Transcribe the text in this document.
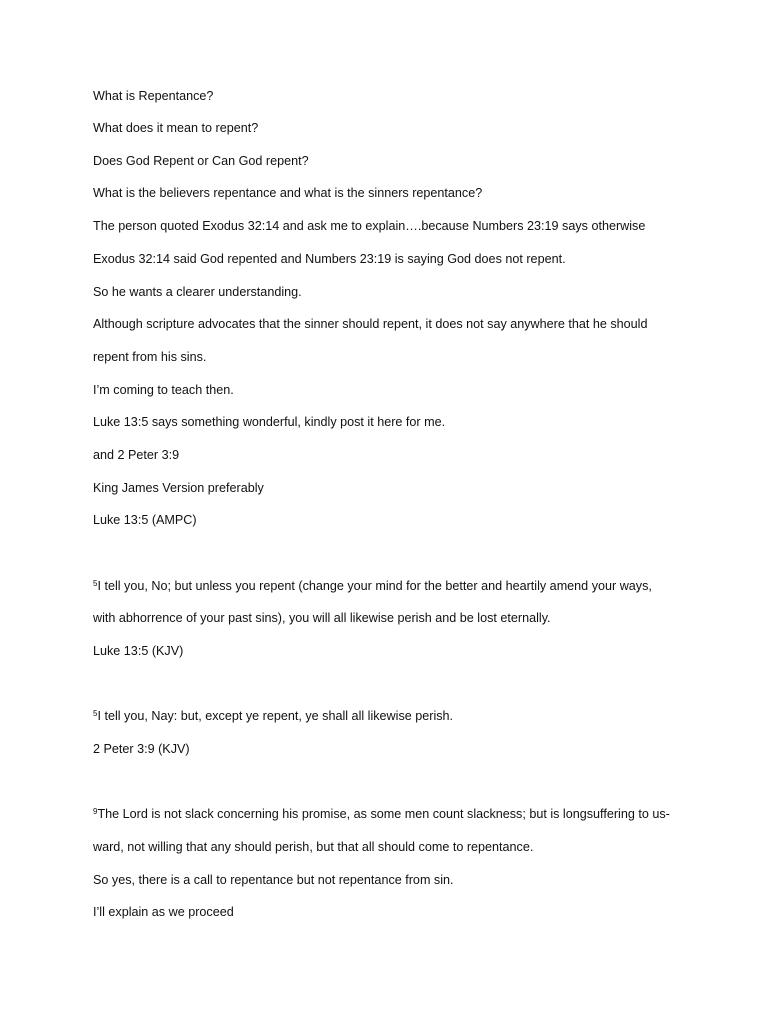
What is Repentance?
What does it mean to repent?
Does God Repent or Can God repent?
What is the believers repentance and what is the sinners repentance?
The person quoted Exodus 32:14 and ask me to explain….because Numbers 23:19 says otherwise
Exodus 32:14 said God repented and Numbers 23:19 is saying God does not repent.
So he wants a clearer understanding.
Although scripture advocates that the sinner should repent, it does not say anywhere that he should
repent from his sins.
I’m coming to teach then.
Luke 13:5 says something wonderful, kindly post it here for me.
and 2 Peter 3:9
King James Version preferably
Luke 13:5 (AMPC)
$^5$I tell you, No; but unless you repent (change your mind for the better and heartily amend your ways,
with abhorrence of your past sins), you will all likewise perish and be lost eternally.
Luke 13:5 (KJV)
$^5$I tell you, Nay: but, except ye repent, ye shall all likewise perish.
2 Peter 3:9 (KJV)
$^9$The Lord is not slack concerning his promise, as some men count slackness; but is longsuffering to us-
ward, not willing that any should perish, but that all should come to repentance.
So yes, there is a call to repentance but not repentance from sin.
I’ll explain as we proceed
